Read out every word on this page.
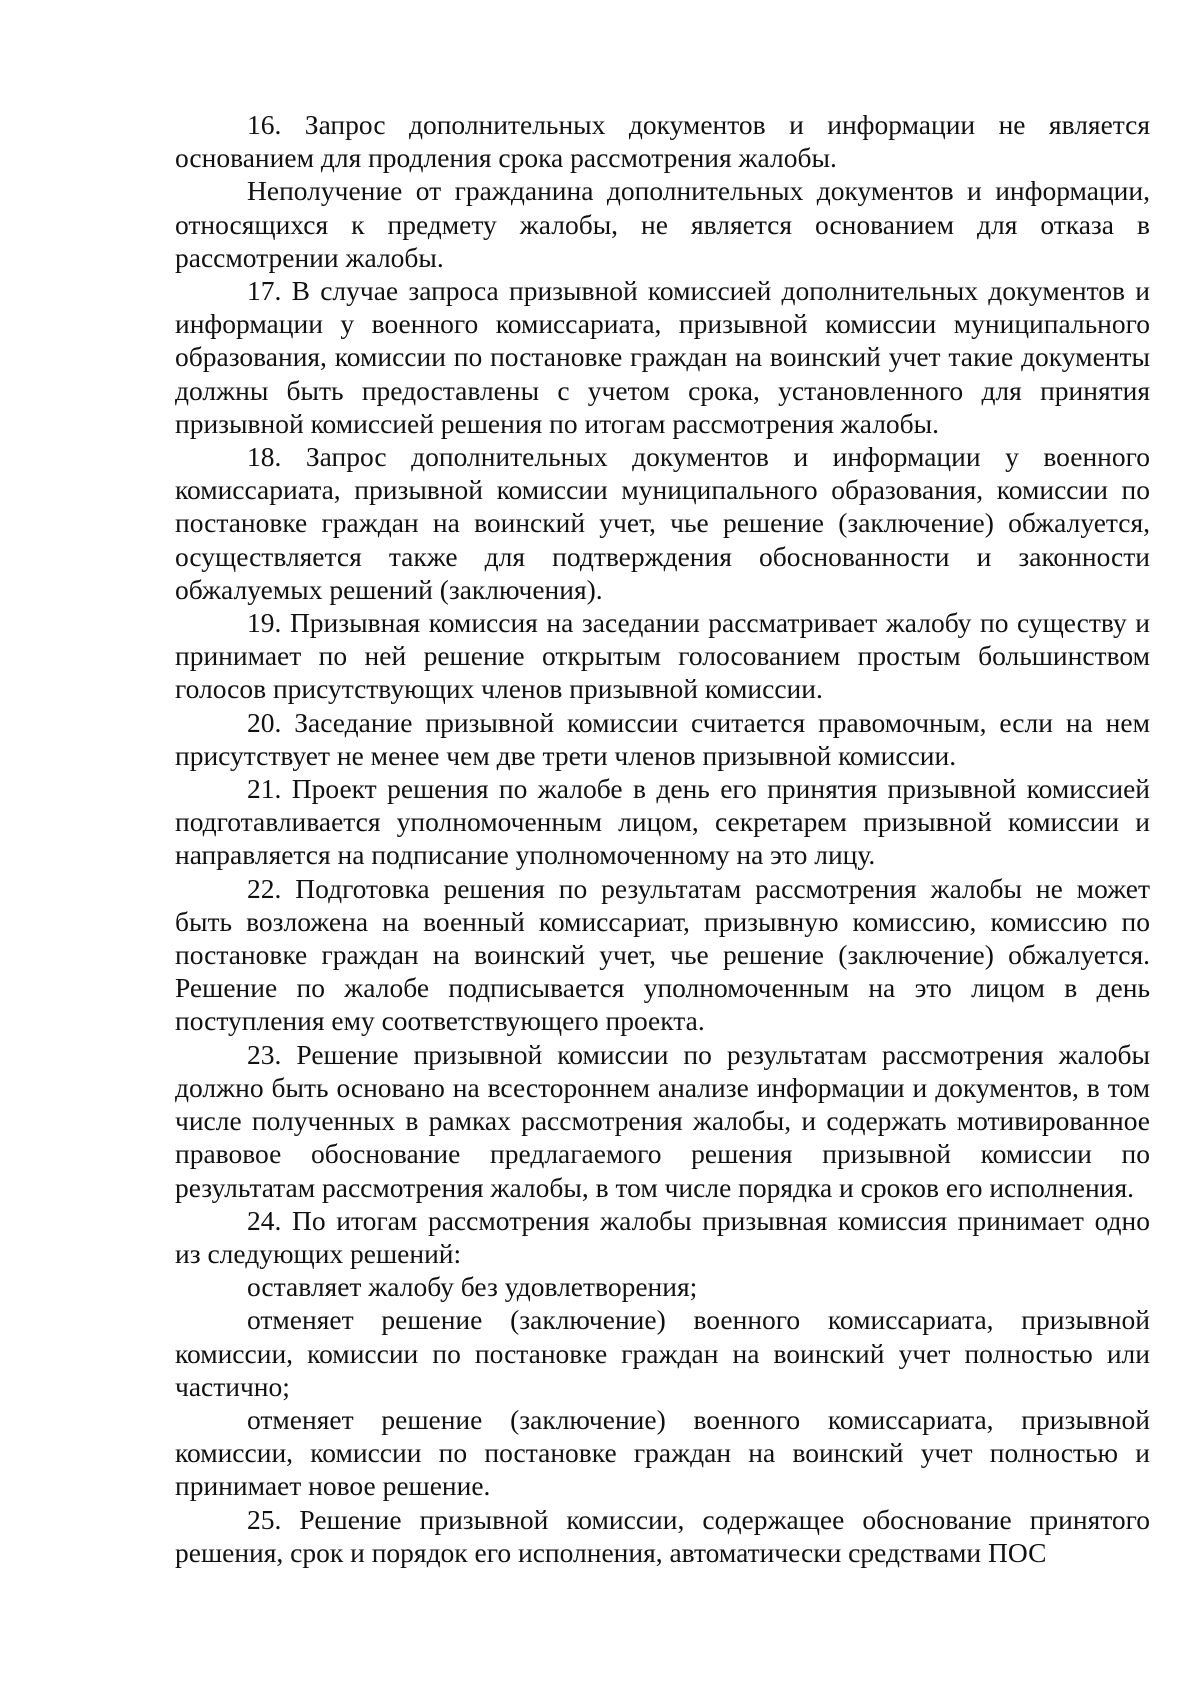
16. Запрос дополнительных документов и информации не является основанием для продления срока рассмотрения жалобы.

Неполучение от гражданина дополнительных документов и информации, относящихся к предмету жалобы, не является основанием для отказа в рассмотрении жалобы.

17. В случае запроса призывной комиссией дополнительных документов и информации у военного комиссариата, призывной комиссии муниципального образования, комиссии по постановке граждан на воинский учет такие документы должны быть предоставлены с учетом срока, установленного для принятия призывной комиссией решения по итогам рассмотрения жалобы.

18. Запрос дополнительных документов и информации у военного комиссариата, призывной комиссии муниципального образования, комиссии по постановке граждан на воинский учет, чье решение (заключение) обжалуется, осуществляется также для подтверждения обоснованности и законности обжалуемых решений (заключения).

19. Призывная комиссия на заседании рассматривает жалобу по существу и принимает по ней решение открытым голосованием простым большинством голосов присутствующих членов призывной комиссии.

20. Заседание призывной комиссии считается правомочным, если на нем присутствует не менее чем две трети членов призывной комиссии.

21. Проект решения по жалобе в день его принятия призывной комиссией подготавливается уполномоченным лицом, секретарем призывной комиссии и направляется на подписание уполномоченному на это лицу.

22. Подготовка решения по результатам рассмотрения жалобы не может быть возложена на военный комиссариат, призывную комиссию, комиссию по постановке граждан на воинский учет, чье решение (заключение) обжалуется. Решение по жалобе подписывается уполномоченным на это лицом в день поступления ему соответствующего проекта.

23. Решение призывной комиссии по результатам рассмотрения жалобы должно быть основано на всестороннем анализе информации и документов, в том числе полученных в рамках рассмотрения жалобы, и содержать мотивированное правовое обоснование предлагаемого решения призывной комиссии по результатам рассмотрения жалобы, в том числе порядка и сроков его исполнения.

24. По итогам рассмотрения жалобы призывная комиссия принимает одно из следующих решений:

оставляет жалобу без удовлетворения;

отменяет решение (заключение) военного комиссариата, призывной комиссии, комиссии по постановке граждан на воинский учет полностью или частично;

отменяет решение (заключение) военного комиссариата, призывной комиссии, комиссии по постановке граждан на воинский учет полностью и принимает новое решение.

25. Решение призывной комиссии, содержащее обоснование принятого решения, срок и порядок его исполнения, автоматически средствами ПОС
